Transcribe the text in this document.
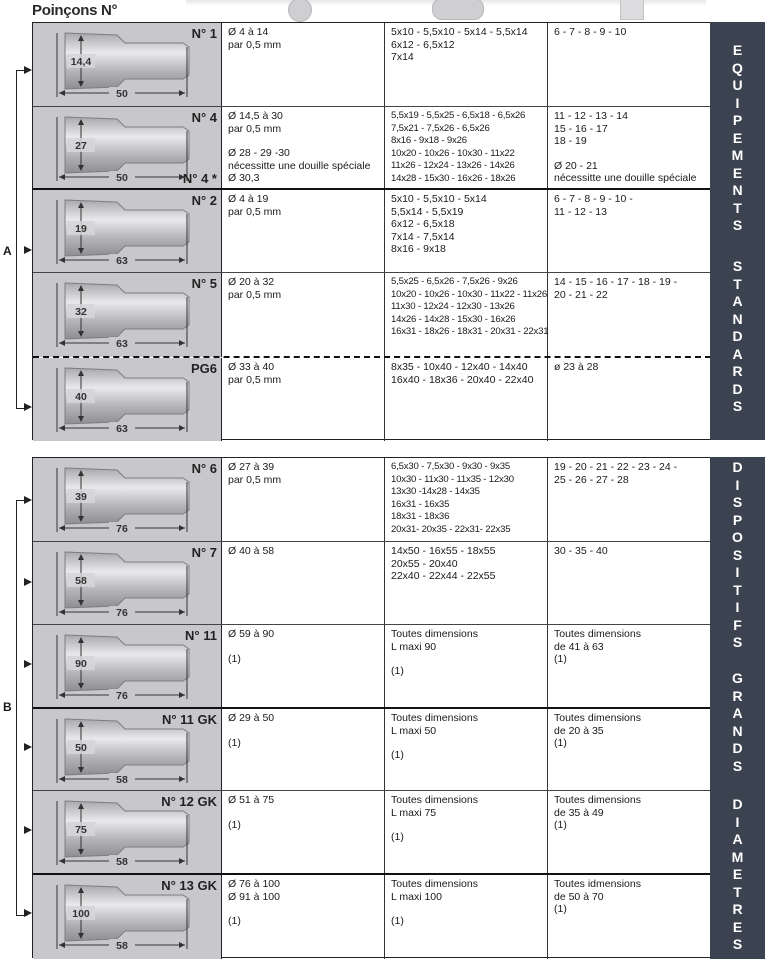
Poinçons N°
14,4
50
N° 1 Ø 4 à 14
par 0,5 mm
5x10 - 5,5x10 - 5x14 - 5,5x14
6x12 - 6,5x12
7x14
6 - 7 - 8 - 9 - 10
27
50
N° 4
N° 4 *
Ø 14,5 à 30
par 0,5 mm
Ø 28 - 29 -30
nécessitte une douille spéciale
Ø 30,3
5,5x19 - 5,5x25 - 6,5x18 - 6,5x26
7,5x21 - 7,5x26 - 6,5x26
8x16 - 9x18 - 9x26
10x20 - 10x26 - 10x30 - 11x22
11x26 - 12x24 - 13x26 - 14x26
14x28 - 15x30 - 16x26 - 18x26
11 - 12 - 13 - 14
15 - 16 - 17
18 - 19
Ø 20 - 21
nécessitte une douille spéciale
19
63
N° 2 Ø 4 à 19
par 0,5 mm
5x10 - 5,5x10 - 5x14
5,5x14 - 5,5x19
6x12 - 6,5x18
7x14 - 7,5x14
8x16 - 9x18
6 - 7 - 8 - 9 - 10 -
11 - 12 - 13
32
63
N° 5 Ø 20 à 32
par 0,5 mm
5,5x25 - 6,5x26 - 7,5x26 - 9x26
10x20 - 10x26 - 10x30 - 11x22 - 11x26
11x30 - 12x24 - 12x30 - 13x26
14x26 - 14x28 - 15x30 - 16x26
16x31 - 18x26 - 18x31 - 20x31 - 22x31
14 - 15 - 16 - 17 - 18 - 19 -
20 - 21 - 22
40
63
PG6 Ø 33 à 40
par 0,5 mm
8x35 - 10x40 - 12x40 - 14x40
16x40 - 18x36 - 20x40 - 22x40
ø 23 à 28
39
76
N° 6 Ø 27 à 39
par 0,5 mm
6,5x30 - 7,5x30 - 9x30 - 9x35
10x30 - 11x30 - 11x35 - 12x30
13x30 -14x28 - 14x35
16x31 - 16x35
18x31 - 18x36
20x31- 20x35 - 22x31- 22x35
19 - 20 - 21 - 22 - 23 - 24 -
25 - 26 - 27 - 28
58
76
N° 7 Ø 40 à 58	14x50 - 16x55 - 18x55
20x55 - 20x40
22x40 - 22x44 - 22x55
30 - 35 - 40
90
76
N° 11 Ø 59 à 90
(1)
Toutes dimensions
L maxi 90
(1)
Toutes dimensions
de 41 à 63
(1)
50
58
N° 11 GK Ø 29 à 50
(1)
Toutes dimensions
L maxi 50
(1)
Toutes dimensions
de 20 à 35
(1)
75
58
N° 12 GK Ø 51 à 75
(1)
Toutes dimensions
L maxi 75
(1)
Toutes dimensions
de 35 à 49
(1)
100
58
N° 13 GK Ø 76 à 100
Ø 91 à 100
(1)
Toutes dimensions
L maxi 100
(1)
Toutes idmensions
de 50 à 70
(1)
E
Q
U
I
P
E
M
E
N
T
S
S
T
A
N
D
A
R
D
S
D
I
S
P
O
S
I
T
I
F
S
G
R
A
N
D
S
D
I
A
M
E
T
R
E
S
A
B
